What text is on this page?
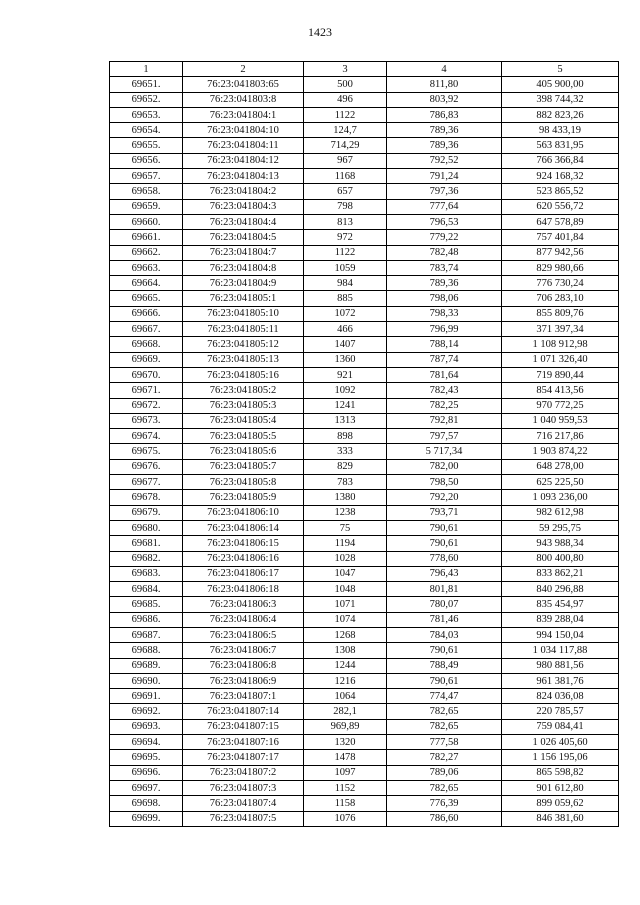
1423
1	2	3	4	5
69651.	76:23:041803:65	500	811,80	405 900,00
69652.	76:23:041803:8	496	803,92	398 744,32
69653.	76:23:041804:1	1122	786,83	882 823,26
69654.	76:23:041804:10	124,7	789,36	98 433,19
69655.	76:23:041804:11	714,29	789,36	563 831,95
69656.	76:23:041804:12	967	792,52	766 366,84
69657.	76:23:041804:13	1168	791,24	924 168,32
69658.	76:23:041804:2	657	797,36	523 865,52
69659.	76:23:041804:3	798	777,64	620 556,72
69660.	76:23:041804:4	813	796,53	647 578,89
69661.	76:23:041804:5	972	779,22	757 401,84
69662.	76:23:041804:7	1122	782,48	877 942,56
69663.	76:23:041804:8	1059	783,74	829 980,66
69664.	76:23:041804:9	984	789,36	776 730,24
69665.	76:23:041805:1	885	798,06	706 283,10
69666.	76:23:041805:10	1072	798,33	855 809,76
69667.	76:23:041805:11	466	796,99	371 397,34
69668.	76:23:041805:12	1407	788,14	1 108 912,98
69669.	76:23:041805:13	1360	787,74	1 071 326,40
69670.	76:23:041805:16	921	781,64	719 890,44
69671.	76:23:041805:2	1092	782,43	854 413,56
69672.	76:23:041805:3	1241	782,25	970 772,25
69673.	76:23:041805:4	1313	792,81	1 040 959,53
69674.	76:23:041805:5	898	797,57	716 217,86
69675.	76:23:041805:6	333	5 717,34	1 903 874,22
69676.	76:23:041805:7	829	782,00	648 278,00
69677.	76:23:041805:8	783	798,50	625 225,50
69678.	76:23:041805:9	1380	792,20	1 093 236,00
69679.	76:23:041806:10	1238	793,71	982 612,98
69680.	76:23:041806:14	75	790,61	59 295,75
69681.	76:23:041806:15	1194	790,61	943 988,34
69682.	76:23:041806:16	1028	778,60	800 400,80
69683.	76:23:041806:17	1047	796,43	833 862,21
69684.	76:23:041806:18	1048	801,81	840 296,88
69685.	76:23:041806:3	1071	780,07	835 454,97
69686.	76:23:041806:4	1074	781,46	839 288,04
69687.	76:23:041806:5	1268	784,03	994 150,04
69688.	76:23:041806:7	1308	790,61	1 034 117,88
69689.	76:23:041806:8	1244	788,49	980 881,56
69690.	76:23:041806:9	1216	790,61	961 381,76
69691.	76:23:041807:1	1064	774,47	824 036,08
69692.	76:23:041807:14	282,1	782,65	220 785,57
69693.	76:23:041807:15	969,89	782,65	759 084,41
69694.	76:23:041807:16	1320	777,58	1 026 405,60
69695.	76:23:041807:17	1478	782,27	1 156 195,06
69696.	76:23:041807:2	1097	789,06	865 598,82
69697.	76:23:041807:3	1152	782,65	901 612,80
69698.	76:23:041807:4	1158	776,39	899 059,62
69699.	76:23:041807:5	1076	786,60	846 381,60
